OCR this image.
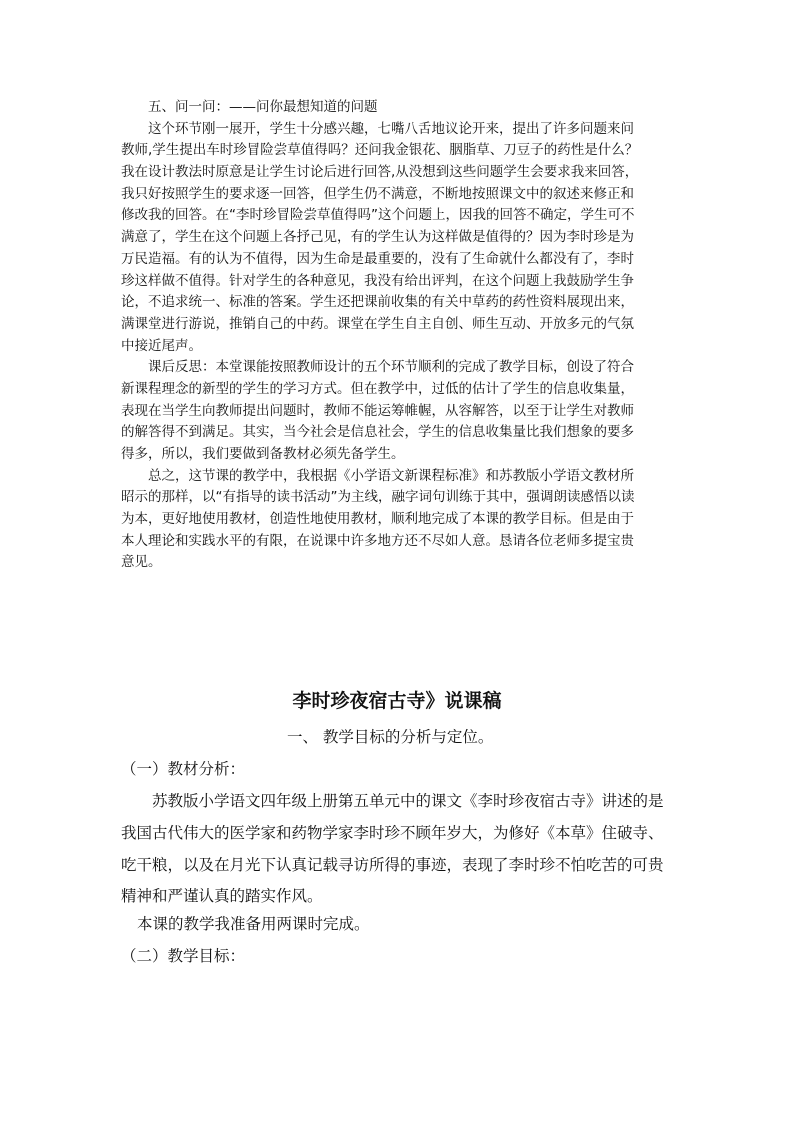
五、问一问：——问你最想知道的问题
这个环节刚一展开，学生十分感兴趣，七嘴八舌地议论开来，提出了许多问题来问
教师,学生提出车时珍冒险尝草值得吗？还问我金银花、胭脂草、刀豆子的药性是什么？
我在设计教法时原意是让学生讨论后进行回答,从没想到这些问题学生会要求我来回答，
我只好按照学生的要求逐一回答，但学生仍不满意，不断地按照课文中的叙述来修正和
修改我的回答。在“李时珍冒险尝草值得吗”这个问题上，因我的回答不确定，学生可不
满意了，学生在这个问题上各抒己见，有的学生认为这样做是值得的？因为李时珍是为
万民造福。有的认为不值得，因为生命是最重要的，没有了生命就什么都没有了，李时
珍这样做不值得。针对学生的各种意见，我没有给出评判，在这个问题上我鼓励学生争
论，不追求统一、标准的答案。学生还把课前收集的有关中草药的药性资料展现出来，
满课堂进行游说，推销自己的中药。课堂在学生自主自创、师生互动、开放多元的气氛
中接近尾声。
课后反思：本堂课能按照教师设计的五个环节顺利的完成了教学目标，创设了符合
新课程理念的新型的学生的学习方式。但在教学中，过低的估计了学生的信息收集量，
表现在当学生向教师提出问题时，教师不能运筹帷幄，从容解答，以至于让学生对教师
的解答得不到满足。其实，当今社会是信息社会，学生的信息收集量比我们想象的要多
得多，所以，我们要做到备教材必须先备学生。
总之，这节课的教学中，我根据《小学语文新课程标准》和苏教版小学语文教材所
昭示的那样，以“有指导的读书活动”为主线，融字词句训练于其中，强调朗读感悟以读
为本，更好地使用教材，创造性地使用教材，顺利地完成了本课的教学目标。但是由于
本人理论和实践水平的有限，在说课中许多地方还不尽如人意。恳请各位老师多提宝贵
意见。
李时珍夜宿古寺》说课稿
一、 教学目标的分析与定位。
（一）教材分析：
苏教版小学语文四年级上册第五单元中的课文《李时珍夜宿古寺》讲述的是
我国古代伟大的医学家和药物学家李时珍不顾年岁大，为修好《本草》住破寺、
吃干粮，以及在月光下认真记载寻访所得的事迹，表现了李时珍不怕吃苦的可贵
精神和严谨认真的踏实作风。
本课的教学我准备用两课时完成。
（二）教学目标：
